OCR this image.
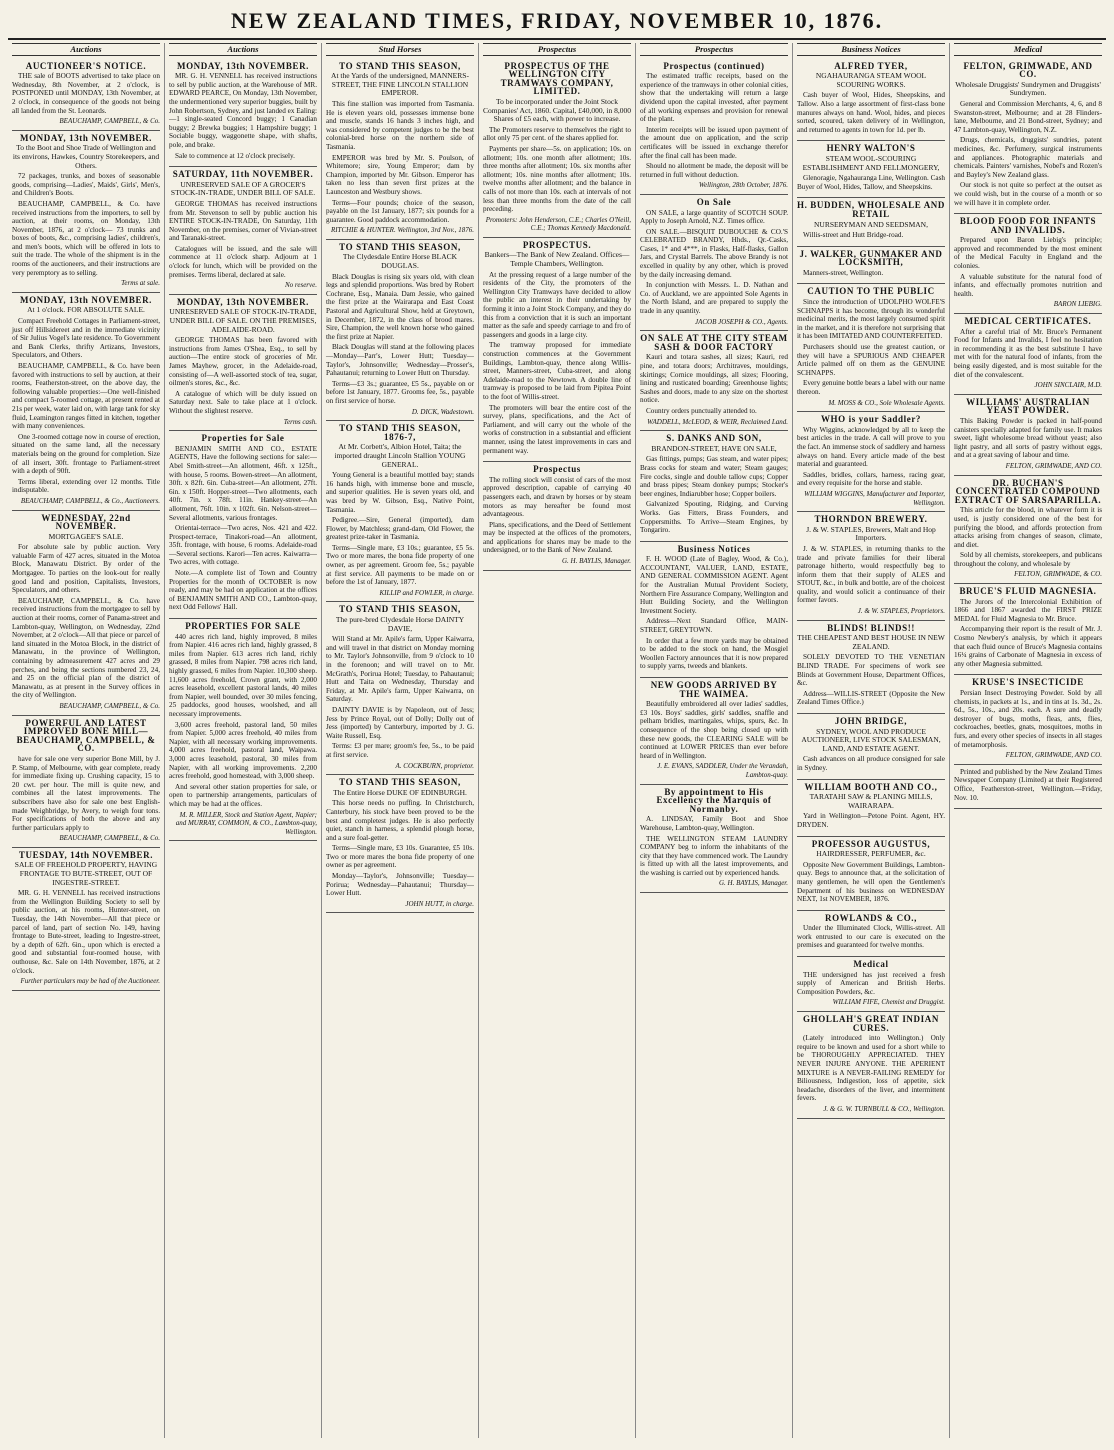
NEW ZEALAND TIMES, FRIDAY, NOVEMBER 10, 1876.
Auctions
AUCTIONEER'S NOTICE.

THE sale of BOOTS advertised to take place on Wednesday, 8th November, at 2 o'clock, is POSTPONED until MONDAY, 13th November, at 2 o'clock, in consequence of the goods not being all landed from the St. Leonards.

BEAUCHAMP, CAMPBELL, & Co.
MONDAY, 13th NOVEMBER.
To the Boot and Shoe Trade of Wellington and its environs, Hawkes, Country Storekeepers, and Others.

72 packages, trunks, and boxes of seasonable goods, comprising—Ladies', Maids', Girls', Men's, and Children's Boots.

BEAUCHAMP, CAMPBELL, & Co. have received instructions from the importers, to sell by auction, at their rooms, on Monday, 13th November, 1876, at 2 o'clock— 73 trunks and boxes of boots, &c., comprising ladies', children's, and men's boots, which will be offered in lots to suit the trade. The whole of the shipment is in the rooms of the auctioneers, and their instructions are very peremptory as to selling.

Terms at sale.
MONDAY, 13th NOVEMBER.
At 1 o'clock. FOR ABSOLUTE SALE.

Compact Freehold Cottages in Parliament-street, just off Hillsidereet and in the immediate vicinity of Sir Julius Vogel's late residence. To Government and Bank Clerks, thrifty Artizans, Investors, Speculators, and Others.

BEAUCHAMP, CAMPBELL, & Co. have been favored with instructions to sell by auction, at their rooms, Featherston-street, on the above day, the following valuable properties:—One well-finished and compact 5-roomed cottage, at present rented at 21s per week, water laid on, with large tank for sky fluid, Leamington ranges fitted in kitchen, together with many conveniences.

One 3-roomed cottage now in course of erection, situated on the same land, all the necessary materials being on the ground for completion. Size of all insert, 30ft. frontage to Parliament-street with a depth of 90ft.

Terms liberal, extending over 12 months. Title indisputable.

BEAUCHAMP, CAMPBELL, & Co., Auctioneers.
WEDNESDAY, 22nd NOVEMBER.
MORTGAGEE'S SALE.

For absolute sale by public auction. Very valuable Farm of 427 acres, situated in the Motoa Block, Manawatu District. By order of the Mortgagee. To parties on the look-out for really good land and position, Capitalists, Investors, Speculators, and others.

BEAUCHAMP, CAMPBELL, & Co. have received instructions from the mortgagee to sell by auction at their rooms, corner of Panama-street and Lambton-quay, Wellington, on Wednesday, 22nd November, at 2 o'clock—All that piece or parcel of land situated in the Motoa Block, in the district of Manawatu, in the province of Wellington, containing by admeasurement 427 acres and 29 perches, and being the sections numbered 23, 24, and 25 on the official plan of the district of Manawatu, as at present in the Survey offices in the city of Wellington.

BEAUCHAMP, CAMPBELL, & Co.
POWERFUL AND LATEST IMPROVED BONE MILL—BEAUCHAMP, CAMPBELL, & CO.

have for sale one very superior Bone Mill, by J. P. Stamp, of Melbourne, with gear complete, ready for immediate fixing up. Crushing capacity, 15 to 20 cwt. per hour. The mill is quite new, and combines all the latest improvements. The subscribers have also for sale one best English-made Weighbridge, by Avery, to weigh four tons. For specifications of both the above and any further particulars apply to

BEAUCHAMP, CAMPBELL, & Co.
TUESDAY, 14th NOVEMBER.
SALE OF FREEHOLD PROPERTY, HAVING FRONTAGE TO BUTE-STREET, OUT OF INGESTRE-STREET.

MR. G. H. VENNELL has received instructions from the Wellington Building Society to sell by public auction, at his rooms, Hunter-street, on Tuesday, the 14th November—All that piece or parcel of land, part of section No. 149, having frontage to Bute-street, leading to Ingestre-street, by a depth of 62ft. 6in., upon which is erected a good and substantial four-roomed house, with outhouse, &c. Sale on 14th November, 1876, at 2 o'clock.

Further particulars may be had of the Auctioneer.
Auctions
MONDAY, 13th NOVEMBER.

MR. G. H. VENNELL has received instructions to sell by public auction, at the Warehouse of MR. EDWARD PEARCE, On Monday, 13th November, the undermentioned very superior buggies, built by John Robertson, Sydney, and just landed ex Ealing:—1 single-seated Concord buggy; 1 Canadian buggy; 2 Brewka buggies; 1 Hampshire buggy; 1 Sociable buggy, waggonette shape, with shafts, pole, and brake.

Sale to commence at 12 o'clock precisely.

SATURDAY, 11th NOVEMBER.
UNRESERVED SALE OF A GROCER'S STOCK-IN-TRADE, UNDER BILL OF SALE.

GEORGE THOMAS has received instructions from Mr. Stevenson to sell by public auction his ENTIRE STOCK-IN-TRADE, On Saturday, 11th November, on the premises, corner of Vivian-street and Taranaki-street.

Catalogues will be issued, and the sale will commence at 11 o'clock sharp. Adjourn at 1 o'clock for lunch, which will be provided on the premises. Terms liberal, declared at sale.

No reserve.
MONDAY, 13th NOVEMBER.
UNRESERVED SALE OF STOCK-IN-TRADE, UNDER BILL OF SALE. ON THE PREMISES, ADELAIDE-ROAD.

GEORGE THOMAS has been favored with instructions from James O'Shea, Esq., to sell by auction—The entire stock of groceries of Mr. James Mayhew, grocer, in the Adelaide-road, consisting of—A well-assorted stock of tea, sugar, oilmen's stores, &c., &c.

A catalogue of which will be duly issued on Saturday next. Sale to take place at 1 o'clock. Without the slightest reserve.

Terms cash.
Properties for Sale

BENJAMIN SMITH AND CO., ESTATE AGENTS, Have the following sections for sale:—Abel Smith-street—An allotment, 46ft. x 125ft., with house, 5 rooms. Bowen-street—An allotment, 30ft. x 82ft. 6in. Cuba-street—An allotment, 27ft. 6in. x 150ft. Hopper-street—Two allotments, each 40ft. 7in. x 78ft. 11in. Hankey-street—An allotment, 76ft. 10in. x 102ft. 6in. Nelson-street—Several allotments, various frontages.

Orientai-terrace—Two acres, Nos. 421 and 422. Prospect-terrace, Tinakori-road—An allotment, 35ft. frontage, with house, 6 rooms. Adelaide-road—Several sections. Karori—Ten acres. Kaiwarra—Two acres, with cottage.

Note.—A complete list of Town and Country Properties for the month of OCTOBER is now ready, and may be had on application at the offices of BENJAMIN SMITH AND CO., Lambton-quay, next Odd Fellows' Hall.

PROPERTIES FOR SALE

440 acres rich land, highly improved, 8 miles from Napier. 416 acres rich land, highly grassed, 8 miles from Napier. 613 acres rich land, richly grassed, 8 miles from Napier. 798 acres rich land, highly grassed, 6 miles from Napier. 10,300 sheep. 11,600 acres freehold, Crown grant, with 2,000 acres leasehold, excellent pastoral lands, 40 miles from Napier, well bounded, over 30 miles fencing, 25 paddocks, good houses, woolshed, and all necessary improvements.

3,600 acres freehold, pastoral land, 50 miles from Napier. 5,000 acres freehold, 40 miles from Napier, with all necessary working improvements. 4,000 acres freehold, pastoral land, Waipawa. 3,000 acres leasehold, pastoral, 30 miles from Napier, with all working improvements. 2,200 acres freehold, good homestead, with 3,000 sheep.

And several other station properties for sale, or open to partnership arrangements, particulars of which may be had at the offices.

M. R. MILLER, Stock and Station Agent, Napier; and MURRAY, COMMON, & CO., Lambton-quay, Wellington.
Stud Horses
TO STAND THIS SEASON,
At the Yards of the undersigned, MANNERS-STREET, THE FINE LINCOLN STALLION EMPEROR.

This fine stallion was imported from Tasmania. He is eleven years old, possesses immense bone and muscle, stands 16 hands 3 inches high, and was considered by competent judges to be the best colonial-bred horse on the northern side of Tasmania.

EMPEROR was bred by Mr. S. Poulson, of Whitemore; sire, Young Emperor; dam by Champion, imported by Mr. Gibson. Emperor has taken no less than seven first prizes at the Launceston and Westbury shows.

Terms—Four pounds; choice of the season, payable on the 1st January, 1877; six pounds for a guarantee. Good paddock accommodation.

RITCHIE & HUNTER. Wellington, 3rd Nov., 1876.
TO STAND THIS SEASON,
The Clydesdale Entire Horse BLACK DOUGLAS.

Black Douglas is rising six years old, with clean legs and splendid proportions. Was bred by Robert Cochrane, Esq., Manaia. Dam Jessie, who gained the first prize at the Wairarapa and East Coast Pastoral and Agricultural Show, held at Greytown, in December, 1872, in the class of brood mares. Sire, Champion, the well known horse who gained the first prize at Napier.

Black Douglas will stand at the following places—Monday—Parr's, Lower Hutt; Tuesday—Taylor's, Johnsonville; Wednesday—Prosser's, Pahautanui; returning to Lower Hutt on Thursday.

Terms—£3 3s.; guarantee, £5 5s., payable on or before 1st January, 1877. Grooms fee, 5s., payable on first service of horse.

D. DICK, Wadestown.
TO STAND THIS SEASON, 1876-7,
At Mr. Corbett's, Albion Hotel, Taita; the imported draught Lincoln Stallion YOUNG GENERAL.

Young General is a beautiful mottled bay; stands 16 hands high, with immense bone and muscle, and superior qualities. He is seven years old, and was bred by W. Gibson, Esq., Native Point, Tasmania.

Pedigree.—Sire, General (imported), dam Flower, by Matchless; grand-dam, Old Flower, the greatest prize-taker in Tasmania.

Terms—Single mare, £3 10s.; guarantee, £5 5s. Two or more mares, the bona fide property of one owner, as per agreement. Groom fee, 5s.; payable at first service. All payments to be made on or before the 1st of January, 1877.

KILLIP and FOWLER, in charge.
TO STAND THIS SEASON,
The pure-bred Clydesdale Horse DAINTY DAVIE,

Will Stand at Mr. Apile's farm, Upper Kaiwarra, and will travel in that district on Monday morning to Mr. Taylor's Johnsonville, from 9 o'clock to 10 in the forenoon; and will travel on to Mr. McGrath's, Porirua Hotel; Tuesday, to Pahautanui; Hutt and Taita on Wednesday, Thursday and Friday, at Mr. Apile's farm, Upper Kaiwarra, on Saturday.

DAINTY DAVIE is by Napoleon, out of Jess; Jess by Prince Royal, out of Dolly; Dolly out of Jess (imported) by Canterbury, imported by J. G. Waite Russell, Esq.

Terms: £3 per mare; groom's fee, 5s., to be paid at first service.

A. COCKBURN, proprietor.
TO STAND THIS SEASON,
The Entire Horse DUKE OF EDINBURGH.

This horse needs no puffing. In Christchurch, Canterbury, his stock have been proved to be the best and completest judges. He is also perfectly quiet, stanch in harness, a splendid plough horse, and a sure foal-getter.

Terms—Single mare, £3 10s. Guarantee, £5 10s. Two or more mares the bona fide property of one owner as per agreement.

Monday—Taylor's, Johnsonville; Tuesday—Porirua; Wednesday—Pahautanui; Thursday—Lower Hutt.

JOHN HUTT, in charge.
Prospectus
PROSPECTUS OF THE WELLINGTON CITY TRAMWAYS COMPANY, LIMITED.
To be incorporated under the Joint Stock Companies' Act, 1860. Capital, £40,000, in 8,000 Shares of £5 each, with power to increase.

The Promoters reserve to themselves the right to allot only 75 per cent. of the shares applied for.

Payments per share—5s. on application; 10s. on allotment; 10s. one month after allotment; 10s. three months after allotment; 10s. six months after allotment; 10s. nine months after allotment; 10s. twelve months after allotment; and the balance in calls of not more than 10s. each at intervals of not less than three months from the date of the call preceding.

Promoters: John Henderson, C.E.; Charles O'Neill, C.E.; Thomas Kennedy Macdonald.
PROSPECTUS.
Bankers—The Bank of New Zealand. Offices—Temple Chambers, Wellington.

At the pressing request of a large number of the residents of the City, the promoters of the Wellington City Tramways have decided to allow the public an interest in their undertaking by forming it into a Joint Stock Company, and they do this from a conviction that it is such an important matter as the safe and speedy carriage to and fro of passengers and goods in a large city.

The tramway proposed for immediate construction commences at the Government Buildings, Lambton-quay, thence along Willis-street, Manners-street, Cuba-street, and along Adelaide-road to the Newtown. A double line of tramway is proposed to be laid from Pipitea Point to the foot of Willis-street.

The promoters will bear the entire cost of the survey, plans, specifications, and the Act of Parliament, and will carry out the whole of the works of construction in a substantial and efficient manner, using the latest improvements in cars and permanent way.

Prospectus

The rolling stock will consist of cars of the most approved description, capable of carrying 40 passengers each, and drawn by horses or by steam motors as may hereafter be found most advantageous.

Plans, specifications, and the Deed of Settlement may be inspected at the offices of the promoters, and applications for shares may be made to the undersigned, or to the Bank of New Zealand.

G. H. BAYLIS, Manager.
Prospectus
Prospectus (continued)

The estimated traffic receipts, based on the experience of the tramways in other colonial cities, show that the undertaking will return a large dividend upon the capital invested, after payment of all working expenses and provision for renewal of the plant.

Interim receipts will be issued upon payment of the amount due on application, and the scrip certificates will be issued in exchange therefor after the final call has been made.

Should no allotment be made, the deposit will be returned in full without deduction.

Wellington, 28th October, 1876.
On Sale

ON SALE, a large quantity of SCOTCH SOUP. Apply to Joseph Arnold, N.Z. Times office.

ON SALE.—BISQUIT DUBOUCHE & CO.'S CELEBRATED BRANDY, Hhds., Qr.-Casks, Cases, 1* and 4***, in Flasks, Half-flasks, Gallon Jars, and Crystal Barrels. The above Brandy is not excelled in quality by any other, which is proved by the daily increasing demand.

In conjunction with Messrs. L. D. Nathan and Co. of Auckland, we are appointed Sole Agents in the North Island, and are prepared to supply the trade in any quantity.

JACOB JOSEPH & CO., Agents.
ON SALE AT THE CITY STEAM SASH & DOOR FACTORY

Kauri and totara sashes, all sizes; Kauri, red pine, and totara doors; Architraves, mouldings, skirtings; Cornice mouldings, all sizes; Flooring, lining and rusticated boarding; Greenhouse lights; Sashes and doors, made to any size on the shortest notice.

Country orders punctually attended to.

WADDELL, McLEOD, & WEIR, Reclaimed Land.
S. DANKS AND SON,
BRANDON-STREET, HAVE ON SALE,

Gas fittings, pumps; Gas steam, and water pipes; Brass cocks for steam and water; Steam gauges; Fire cocks, single and double tallow cups; Copper and brass pipes; Steam donkey pumps; Stocker's beer engines, Indiarubber hose; Copper boilers.

Galvanized Spouting, Ridging, and Curving Works. Gas Fitters, Brass Founders, and Coppersmiths. To Arrive—Steam Engines, by Tongariro.

Business Notices

F. H. WOOD (Late of Bagley, Wood, & Co.), ACCOUNTANT, VALUER, LAND, ESTATE, AND GENERAL COMMISSION AGENT. Agent for the Australian Mutual Provident Society, Northern Fire Assurance Company, Wellington and Hutt Building Society, and the Wellington Investment Society.

Address—Next Standard Office, MAIN-STREET, GREYTOWN.

In order that a few more yards may be obtained to be added to the stock on hand, the Mosgiel Woollen Factory announces that it is now prepared to supply yarns, tweeds and blankets.

NEW GOODS ARRIVED BY THE WAIMEA.

Beautifully embroidered all over ladies' saddles, £3 10s. Boys' saddles, girls' saddles, snaffle and pelham bridles, martingales, whips, spurs, &c. In consequence of the shop being closed up with these new goods, the CLEARING SALE will be continued at LOWER PRICES than ever before heard of in Wellington.

J. E. EVANS, SADDLER, Under the Verandah, Lambton-quay.
By appointment to His Excellency the Marquis of Normanby.

A. LINDSAY, Family Boot and Shoe Warehouse, Lambton-quay, Wellington.

THE WELLINGTON STEAM LAUNDRY COMPANY beg to inform the inhabitants of the city that they have commenced work. The Laundry is fitted up with all the latest improvements, and the washing is carried out by experienced hands.

G. H. BAYLIS, Manager.
Business Notices
ALFRED TYER,
NGAHAURANGA STEAM WOOL SCOURING WORKS.

Cash buyer of Wool, Hides, Sheepskins, and Tallow. Also a large assortment of first-class bone manures always on hand. Wool, hides, and pieces sorted, scoured, taken delivery of in Wellington, and returned to agents in town for 1d. per lb.

HENRY WALTON'S
STEAM WOOL-SCOURING ESTABLISHMENT AND FELLMONGERY,

Glenoragie, Ngahauranga Line, Wellington. Cash Buyer of Wool, Hides, Tallow, and Sheepskins.

H. BUDDEN, WHOLESALE AND RETAIL
NURSERYMAN AND SEEDSMAN,

Willis-street and Hutt Bridge-road.

J. WALKER, GUNMAKER AND LOCKSMITH,

Manners-street, Wellington.

CAUTION TO THE PUBLIC

Since the introduction of UDOLPHO WOLFE'S SCHNAPPS it has become, through its wonderful medicinal merits, the most largely consumed spirit in the market, and it is therefore not surprising that it has been IMITATED AND COUNTERFEITED.

Purchasers should use the greatest caution, or they will have a SPURIOUS AND CHEAPER Article palmed off on them as the GENUINE SCHNAPPS.

Every genuine bottle bears a label with our name thereon.

M. MOSS & CO., Sole Wholesale Agents.
WHO is your Saddler?

Why Wiggins, acknowledged by all to keep the best articles in the trade. A call will prove to you the fact. An immense stock of saddlery and harness always on hand. Every article made of the best material and guaranteed.

Saddles, bridles, collars, harness, racing gear, and every requisite for the horse and stable.

WILLIAM WIGGINS, Manufacturer and Importer, Wellington.
THORNDON BREWERY.
J. & W. STAPLES, Brewers, Malt and Hop Importers.

J. & W. STAPLES, in returning thanks to the trade and private families for their liberal patronage hitherto, would respectfully beg to inform them that their supply of ALES and STOUT, &c., in bulk and bottle, are of the choicest quality, and would solicit a continuance of their former favors.

J. & W. STAPLES, Proprietors.
BLINDS! BLINDS!!
THE CHEAPEST AND BEST HOUSE IN NEW ZEALAND.

SOLELY DEVOTED TO THE VENETIAN BLIND TRADE. For specimens of work see Blinds at Government House, Department Offices, &c.

Address—WILLIS-STREET (Opposite the New Zealand Times Office.)

JOHN BRIDGE,
SYDNEY, WOOL AND PRODUCE AUCTIONEER, LIVE STOCK SALESMAN, LAND, AND ESTATE AGENT.

Cash advances on all produce consigned for sale in Sydney.

WILLIAM BOOTH AND CO.,
TARATAHI SAW & PLANING MILLS, WAIRARAPA.

Yard in Wellington—Petone Point. Agent, HY. DRYDEN.

PROFESSOR AUGUSTUS,
HAIRDRESSER, PERFUMER, &c.

Opposite New Government Buildings, Lambton-quay. Begs to announce that, at the solicitation of many gentlemen, he will open the Gentlemen's Department of his business on WEDNESDAY NEXT, 1st NOVEMBER, 1876.

ROWLANDS & CO.,

Under the Illuminated Clock, Willis-street. All work entrusted to our care is executed on the premises and guaranteed for twelve months.

Medical

THE undersigned has just received a fresh supply of American and British Herbs. Composition Powders, &c.

WILLIAM FIFE, Chemist and Druggist.
GHOLLAH'S GREAT INDIAN CURES.

(Lately introduced into Wellington.) Only require to be known and used for a short while to be THOROUGHLY APPRECIATED. THEY NEVER INJURE ANYONE. THE APERIENT MIXTURE is A NEVER-FAILING REMEDY for Biliousness, Indigestion, loss of appetite, sick headache, disorders of the liver, and intermittent fevers.

J. & G. W. TURNBULL & CO., Wellington.
Medical
FELTON, GRIMWADE, AND CO.
Wholesale Druggists' Sundrymen and Druggists' Sundrymen.

General and Commission Merchants, 4, 6, and 8 Swanston-street, Melbourne; and at 28 Flinders-lane, Melbourne, and 21 Bond-street, Sydney; and 47 Lambton-quay, Wellington, N.Z.

Drugs, chemicals, druggists' sundries, patent medicines, &c. Perfumery, surgical instruments and appliances. Photographic materials and chemicals. Painters' varnishes, Nobel's and Rozen's and Bayley's New Zealand glass.

Our stock is not quite so perfect at the outset as we could wish, but in the course of a month or so we will have it in complete order.

BLOOD FOOD FOR INFANTS AND INVALIDS.

Prepared upon Baron Liebig's principle; approved and recommended by the most eminent of the Medical Faculty in England and the colonies.

A valuable substitute for the natural food of infants, and effectually promotes nutrition and health.

BARON LIEBIG.
MEDICAL CERTIFICATES.

After a careful trial of Mr. Bruce's Permanent Food for Infants and Invalids, I feel no hesitation in recommending it as the best substitute I have met with for the natural food of infants, from the being easily digested, and is most suitable for the diet of the convalescent.

JOHN SINCLAIR, M.D.
WILLIAMS' AUSTRALIAN YEAST POWDER.

This Baking Powder is packed in half-pound canisters specially adapted for family use. It makes sweet, light wholesome bread without yeast; also light pastry, and all sorts of pastry without eggs, and at a great saving of labour and time.

FELTON, GRIMWADE, AND CO.
DR. BUCHAN'S CONCENTRATED COMPOUND EXTRACT OF SARSAPARILLA.

This article for the blood, in whatever form it is used, is justly considered one of the best for purifying the blood, and affords protection from attacks arising from changes of season, climate, and diet.

Sold by all chemists, storekeepers, and publicans throughout the colony, and wholesale by

FELTON, GRIMWADE, & CO.
BRUCE'S FLUID MAGNESIA.

The Jurors of the Intercolonial Exhibition of 1866 and 1867 awarded the FIRST PRIZE MEDAL for Fluid Magnesia to Mr. Bruce.

Accompanying their report is the result of Mr. J. Cosmo Newbery's analysis, by which it appears that each fluid ounce of Bruce's Magnesia contains 16¼ grains of Carbonate of Magnesia in excess of any other Magnesia submitted.

KRUSE'S INSECTICIDE

Persian Insect Destroying Powder. Sold by all chemists, in packets at 1s., and in tins at 1s. 3d., 2s. 6d., 5s., 10s., and 20s. each. A sure and deadly destroyer of bugs, moths, fleas, ants, flies, cockroaches, beetles, gnats, mosquitoes, moths in furs, and every other species of insects in all stages of metamorphosis.

FELTON, GRIMWADE, AND CO.

Printed and published by the New Zealand Times Newspaper Company (Limited) at their Registered Office, Featherston-street, Wellington.—Friday, Nov. 10.
